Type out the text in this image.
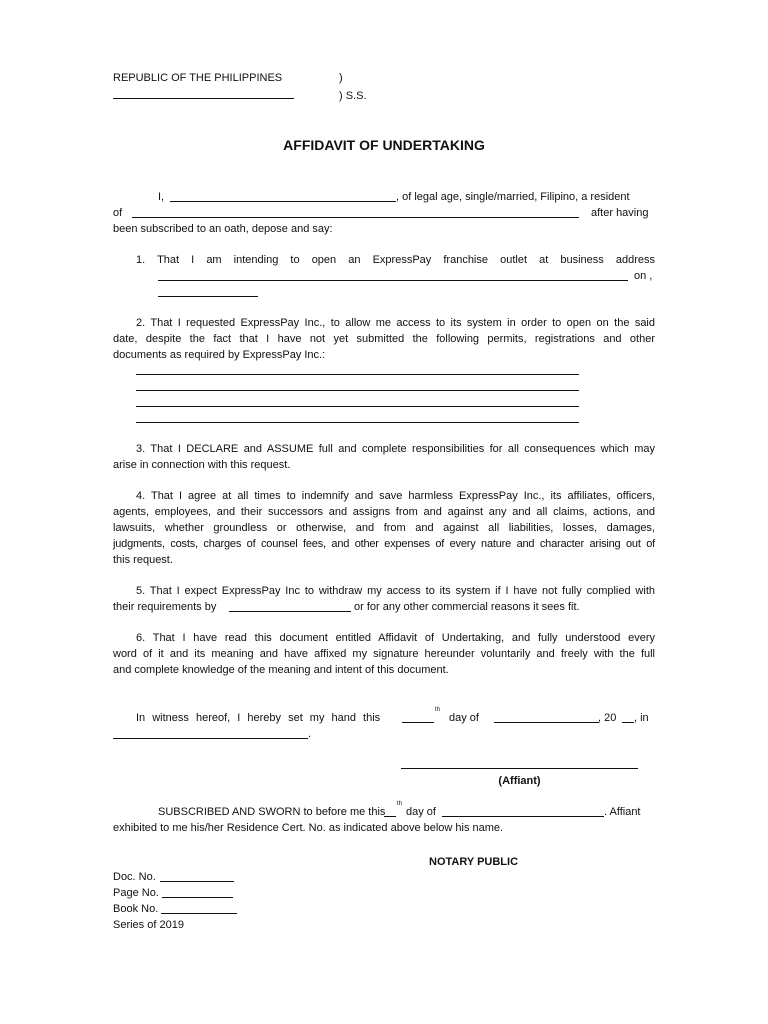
REPUBLIC OF THE PHILIPPINES	)
) S.S.
AFFIDAVIT OF UNDERTAKING
I,	, of legal age, single/married, Filipino, a resident
of	after having
been subscribed to an oath, depose and say:
1. That I am intending to open an ExpressPay franchise outlet at business address
on ,
2. That I requested ExpressPay Inc., to allow me access to its system in order to open on the said
date, despite the fact that I have not yet submitted the following permits, registrations and other
documents as required by ExpressPay Inc.:
3. That I DECLARE and ASSUME full and complete responsibilities for all consequences which may
arise in connection with this request.
4. That I agree at all times to indemnify and save harmless ExpressPay Inc., its affiliates, officers,
agents, employees, and their successors and assigns from and against any and all claims, actions, and
lawsuits, whether groundless or otherwise, and from and against all liabilities, losses, damages,
judgments, costs, charges of counsel fees, and other expenses of every nature and character arising out of
this request.
5. That I expect ExpressPay Inc to withdraw my access to its system if I have not fully complied with
their requirements by	or for any other commercial reasons it sees fit.
6. That I have read this document entitled Affidavit of Undertaking, and fully understood every
word of it and its meaning and have affixed my signature hereunder voluntarily and freely with the full
and complete knowledge of the meaning and intent of this document.
In witness hereof, I hereby set my hand this
th
day of	, 20 , in
.
(Affiant)
SUBSCRIBED AND SWORN to before me this
th
day of	. Affiant
exhibited to me his/her Residence Cert. No. as indicated above below his name.
NOTARY PUBLIC
Doc. No.
Page No.
Book No.
Series of 2019
